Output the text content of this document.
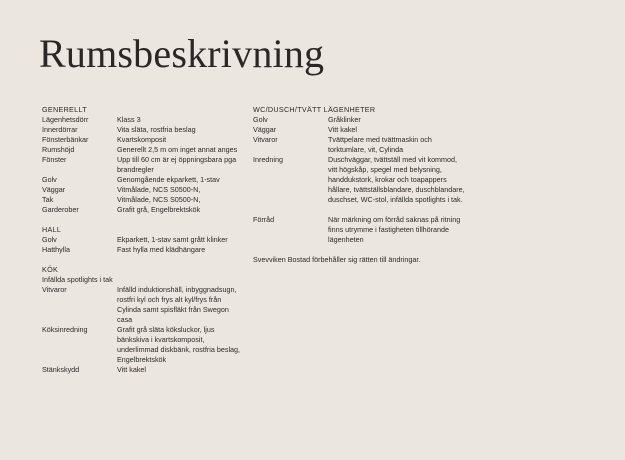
Rumsbeskrivning
GENERELLT
Lägenhetsdörr	Klass 3
Innerdörrar	Vita släta, rostfria beslag
Fönsterbänkar	Kvartskomposit
Rumshöjd	Generellt 2,5 m om inget annat anges
Fönster	Upp till 60 cm är ej öppningsbara pga brandregler
Golv	Genomgående ekparkett, 1-stav
Väggar	Vitmålade, NCS S0500-N,
Tak	Vitmålade, NCS S0500-N,
Garderober	Grafit grå, Engelbrektskök
HALL
Golv	Ekparkett, 1-stav samt grått klinker
Hatthylla	Fast hylla med klädhängare
KÖK
Infällda spotlights i tak
Vitvaror	Infälld induktionshäll, inbyggnadsugn, rostfri kyl och frys alt kyl/frys från Cylinda samt spisfläkt från Swegon casa
Köksinredning	Grafit grå släta köksluckor, ljus bänkskiva i kvartskomposit, underlimmad diskbänk, rostfria beslag, Engelbrektskök
Stänkskydd	Vitt kakel
WC/DUSCH/TVÄTT LÄGENHETER
Golv	Gråklinker
Väggar	Vitt kakel
Vitvaror	Tvättpelare med tvättmaskin och torktumlare, vit, Cylinda
Inredning	Duschväggar, tvättställ med vit kommod, vitt högskåp, spegel med belysning, handdukstork, krokar och toapappers hållare, tvättställsblandare, duschblandare, duschset, WC-stol, infällda spotlights i tak.
Förråd	När märkning om förråd saknas på ritning finns utrymme i fastigheten tillhörande lägenheten
Svevviken Bostad förbehåller sig rätten till ändringar.
